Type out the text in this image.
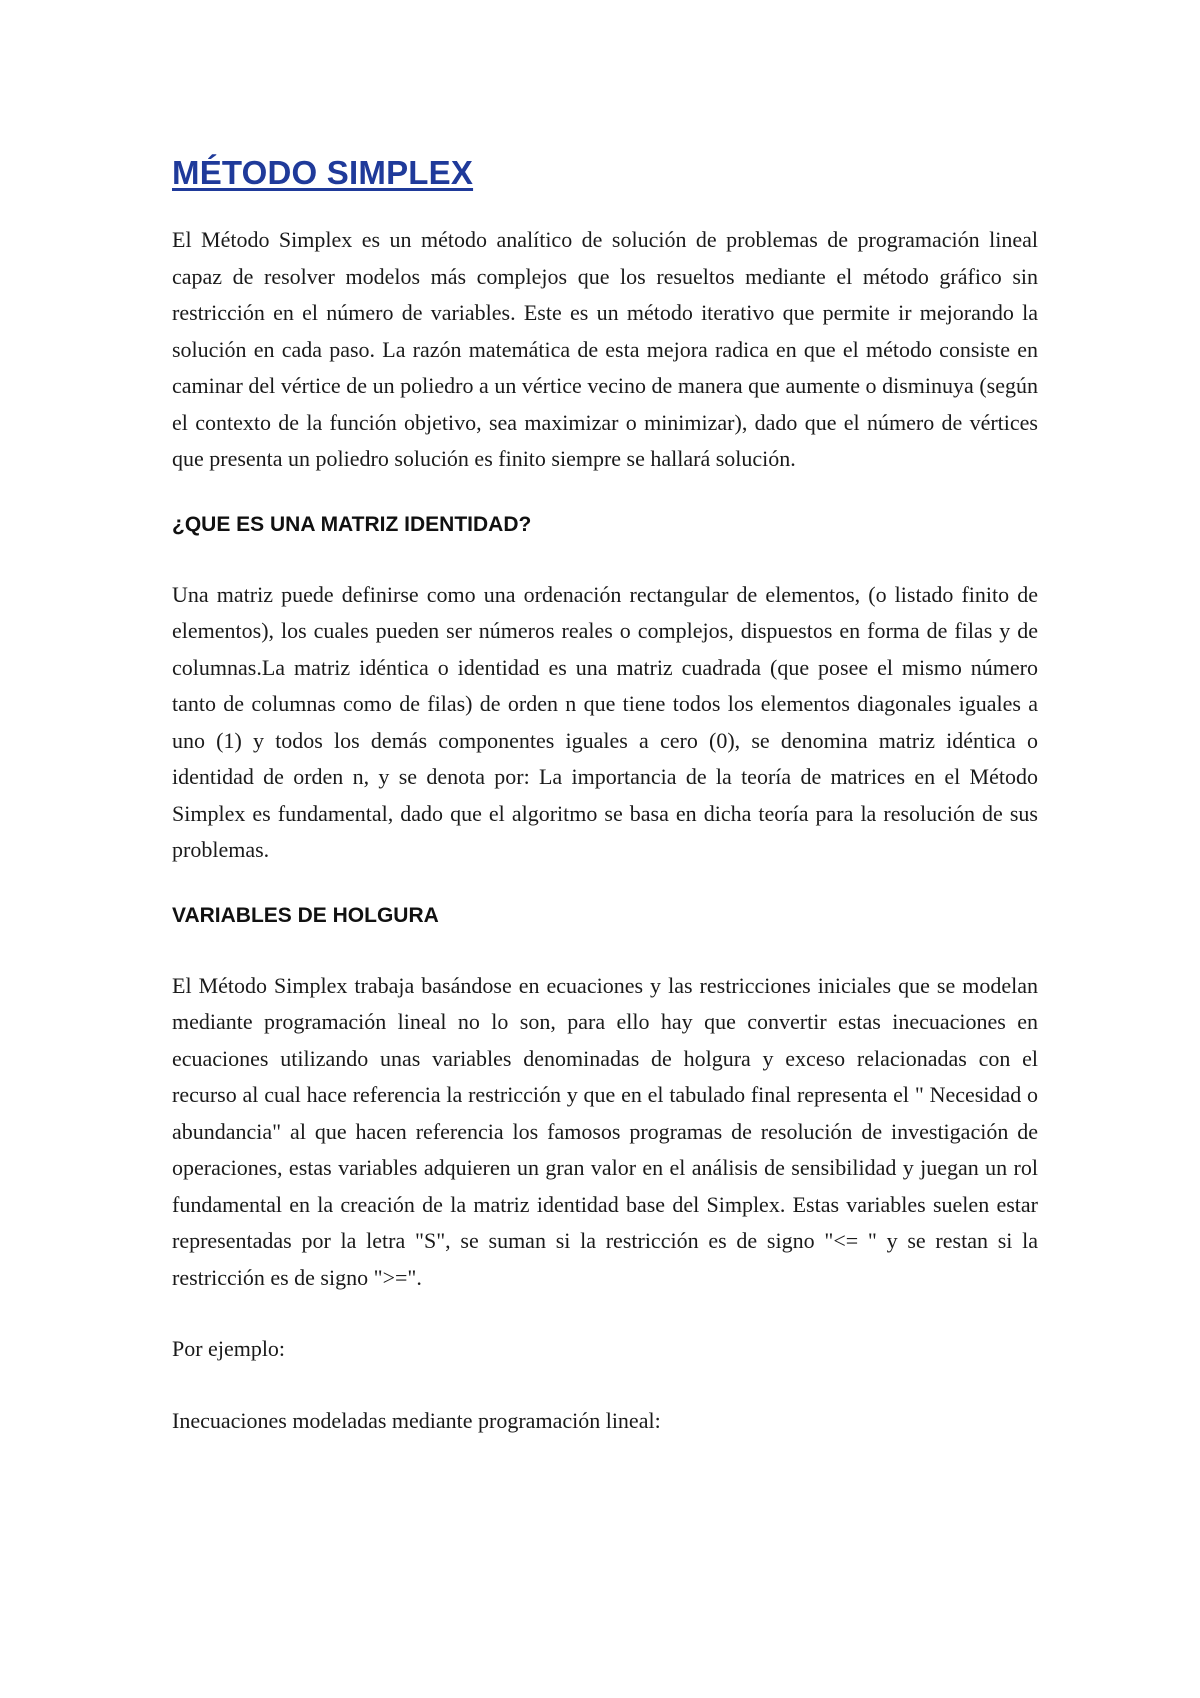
MÉTODO SIMPLEX

El Método Simplex es un método analítico de solución de problemas de programación lineal capaz de resolver modelos más complejos que los resueltos mediante el método gráfico sin restricción en el número de variables. Este es un método iterativo que permite ir mejorando la solución en cada paso. La razón matemática de esta mejora radica en que el método consiste en caminar del vértice de un poliedro a un vértice vecino de manera que aumente o disminuya (según el contexto de la función objetivo, sea maximizar o minimizar), dado que el número de vértices que presenta un poliedro solución es finito siempre se hallará solución.

¿QUE ES UNA MATRIZ IDENTIDAD?

Una matriz puede definirse como una ordenación rectangular de elementos, (o listado finito de elementos), los cuales pueden ser números reales o complejos, dispuestos en forma de filas y de columnas.La matriz idéntica o identidad es una matriz cuadrada (que posee el mismo número tanto de columnas como de filas) de orden n que tiene todos los elementos diagonales iguales a uno (1) y todos los demás componentes iguales a cero (0), se denomina matriz idéntica o identidad de orden n, y se denota por: La importancia de la teoría de matrices en el Método Simplex es fundamental, dado que el algoritmo se basa en dicha teoría para la resolución de sus problemas.

VARIABLES DE HOLGURA

El Método Simplex trabaja basándose en ecuaciones y las restricciones iniciales que se modelan mediante programación lineal no lo son, para ello hay que convertir estas inecuaciones en ecuaciones utilizando unas variables denominadas de holgura y exceso relacionadas con el recurso al cual hace referencia la restricción y que en el tabulado final representa el " Necesidad o abundancia" al que hacen referencia los famosos programas de resolución de investigación de operaciones, estas variables adquieren un gran valor en el análisis de sensibilidad y juegan un rol fundamental en la creación de la matriz identidad base del Simplex. Estas variables suelen estar representadas por la letra "S", se suman si la restricción es de signo "<= " y se restan si la restricción es de signo ">=".

Por ejemplo:

Inecuaciones modeladas mediante programación lineal:
